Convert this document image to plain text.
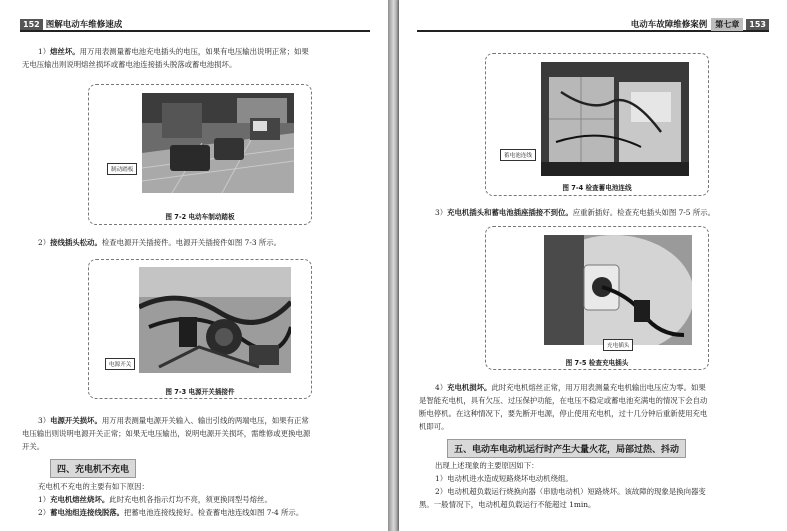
152 图解电动车维修速成
1）熔丝坏。用万用表测量蓄电池充电插头的电压，如果有电压输出说明正常；如果
无电压输出则说明熔丝损坏或蓄电池连接插头脱落或蓄电池损坏。
制动踏板
图 7-2 电动车制动踏板
2）接线插头松动。检查电源开关插接件。电源开关插接件如图 7-3 所示。
电源开关
图 7-3 电源开关插接件
3）电源开关损坏。用万用表测量电源开关输入、输出引线的两端电压，如果有正常
电压输出则说明电源开关正常；如果无电压输出，说明电源开关损坏，需维修或更换电源
开关。
四、充电机不充电
充电机不充电的主要有如下原因：
1）充电机熔丝烧坏。此时充电机各指示灯均不亮，须更换同型号熔丝。
2）蓄电池组连接线脱落。把蓄电池连接线接好。检查蓄电池连线如图 7-4 所示。
电动车故障维修案例	第七章	153
蓄电池连线
图 7-4 检查蓄电池连线
3）充电机插头和蓄电池插座插接不到位。应重新插好。检查充电插头如图 7-5 所示。
充电插头
图 7-5 检查充电插头
4）充电机损坏。此时充电机熔丝正常，用万用表测量充电机输出电压应为零。如果
是智能充电机，具有欠压、过压保护功能，在电压不稳定或蓄电池充满电的情况下会自动
断电停机。在这种情况下，要先断开电源，停止使用充电机，过十几分钟后重新使用充电
机即可。
五、电动车电动机运行时产生大量火花，局部过热、抖动
出现上述现象的主要原因如下：
1）电动机进水造成短路烧坏电动机绕组。
2）电动机超负载运行烧换向器（串励电动机）短路烧坏。该故障的现象是换向器变
黑。一般情况下，电动机超负载运行不能超过 1min。
